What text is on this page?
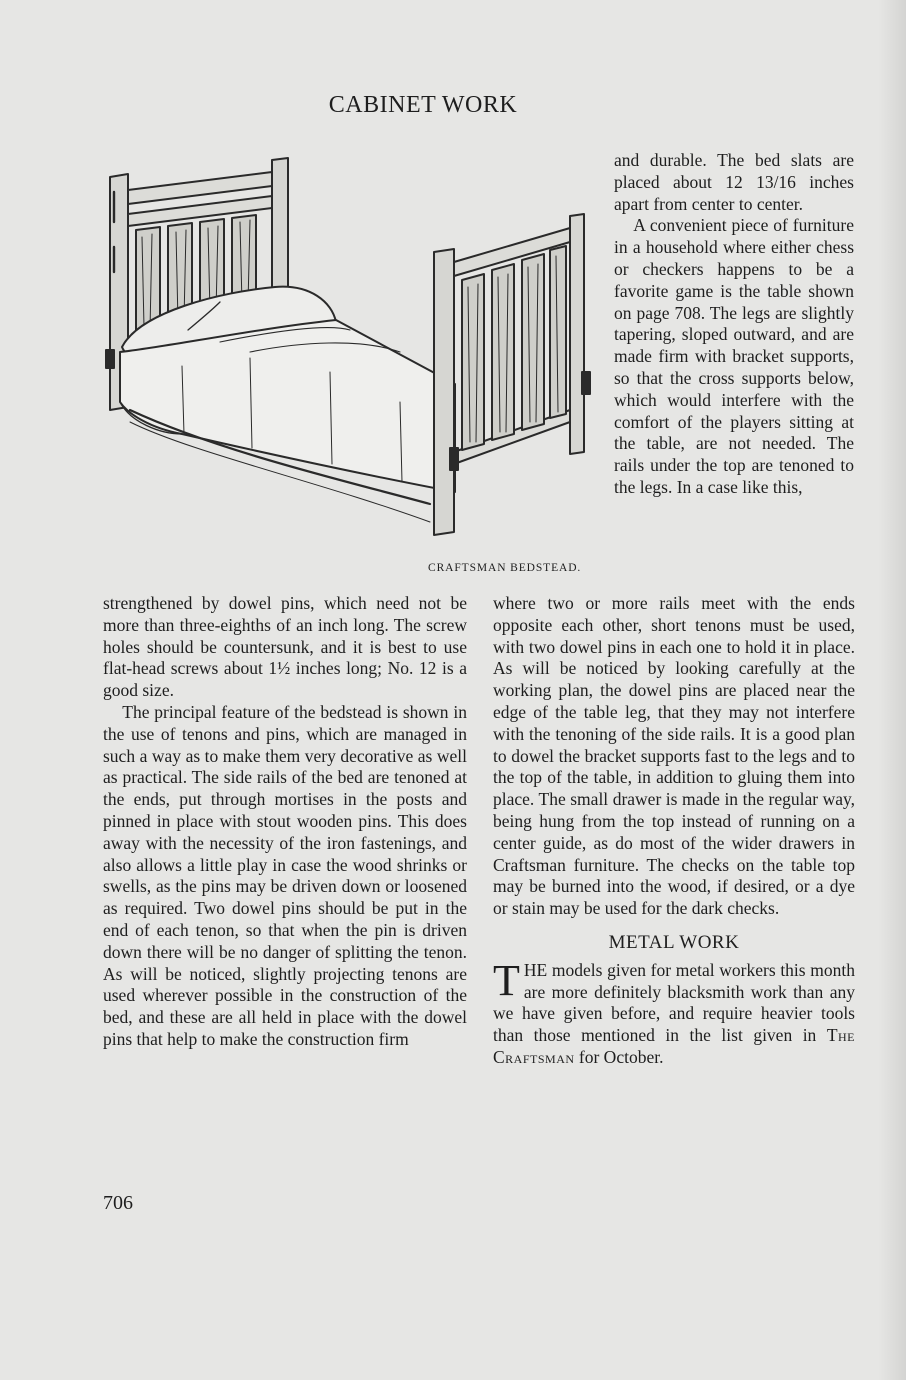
CABINET WORK

CRAFTSMAN BEDSTEAD.

and durable. The bed slats are placed about 12 13/16 inches apart from center to center.

A convenient piece of furniture in a household where either chess or checkers happens to be a favorite game is the table shown on page 708. The legs are slightly tapering, sloped outward, and are made firm with bracket supports, so that the cross supports below, which would interfere with the comfort of the players sitting at the table, are not needed. The rails under the top are tenoned to the legs. In a case like this,

strengthened by dowel pins, which need not be more than three-eighths of an inch long. The screw holes should be countersunk, and it is best to use flat-head screws about 1½ inches long; No. 12 is a good size.

The principal feature of the bedstead is shown in the use of tenons and pins, which are managed in such a way as to make them very decorative as well as practical. The side rails of the bed are tenoned at the ends, put through mortises in the posts and pinned in place with stout wooden pins. This does away with the necessity of the iron fastenings, and also allows a little play in case the wood shrinks or swells, as the pins may be driven down or loosened as required. Two dowel pins should be put in the end of each tenon, so that when the pin is driven down there will be no danger of splitting the tenon. As will be noticed, slightly projecting tenons are used wherever possible in the construction of the bed, and these are all held in place with the dowel pins that help to make the construction firm

where two or more rails meet with the ends opposite each other, short tenons must be used, with two dowel pins in each one to hold it in place. As will be noticed by looking carefully at the working plan, the dowel pins are placed near the edge of the table leg, that they may not interfere with the tenoning of the side rails. It is a good plan to dowel the bracket supports fast to the legs and to the top of the table, in addition to gluing them into place. The small drawer is made in the regular way, being hung from the top instead of running on a center guide, as do most of the wider drawers in Craftsman furniture. The checks on the table top may be burned into the wood, if desired, or a dye or stain may be used for the dark checks.

METAL WORK

THE models given for metal workers this month are more definitely blacksmith work than any we have given before, and require heavier tools than those mentioned in the list given in The Craftsman for October.

706
